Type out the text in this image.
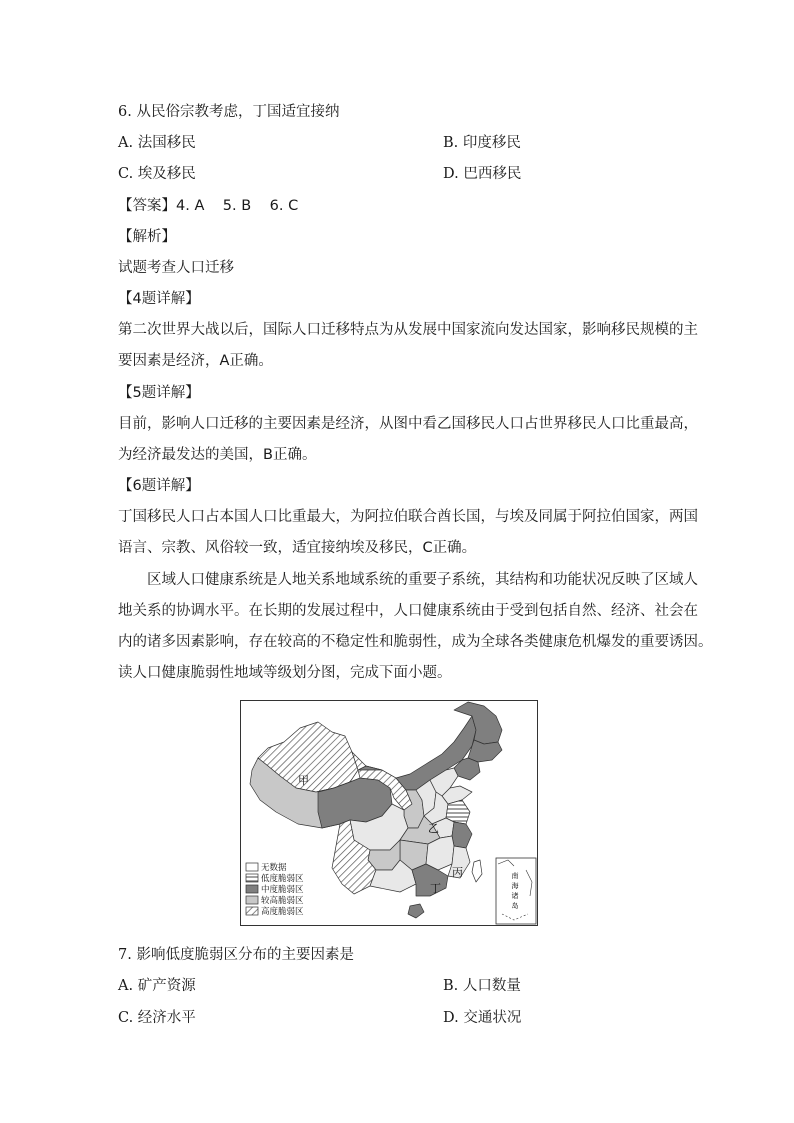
6. 从民俗宗教考虑，丁国适宜接纳
A. 法国移民	B. 印度移民
C. 埃及移民	D. 巴西移民
【答案】4. A    5. B    6. C
【解析】
试题考查人口迁移
【4题详解】
第二次世界大战以后，国际人口迁移特点为从发展中国家流向发达国家，影响移民规模的主
要因素是经济，A正确。
【5题详解】
目前，影响人口迁移的主要因素是经济，从图中看乙国移民人口占世界移民人口比重最高，
为经济最发达的美国，B正确。
【6题详解】
丁国移民人口占本国人口比重最大，为阿拉伯联合酋长国，与埃及同属于阿拉伯国家，两国
语言、宗教、风俗较一致，适宜接纳埃及移民，C正确。
区域人口健康系统是人地关系地域系统的重要子系统，其结构和功能状况反映了区域人
地关系的协调水平。在长期的发展过程中，人口健康系统由于受到包括自然、经济、社会在
内的诸多因素影响，存在较高的不稳定性和脆弱性，成为全球各类健康危机爆发的重要诱因。
读人口健康脆弱性地域等级划分图，完成下面小题。
甲
乙
丙
丁
南
海
诸
岛
无数据
低度脆弱区
中度脆弱区
较高脆弱区
高度脆弱区
7. 影响低度脆弱区分布的主要因素是
A. 矿产资源	B. 人口数量
C. 经济水平	D. 交通状况
